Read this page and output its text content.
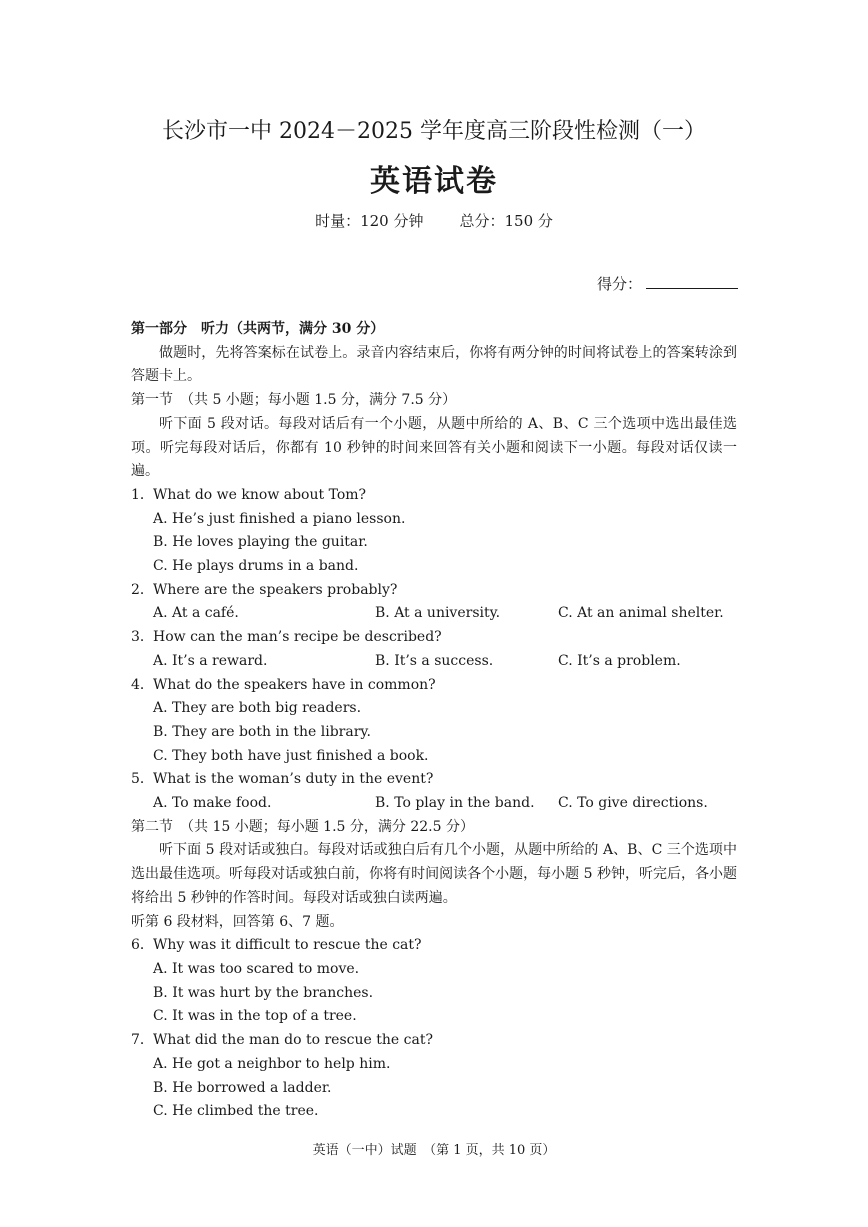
长沙市一中 2024－2025 学年度高三阶段性检测（一）
英语试卷
时量：120 分钟 总分：150 分
得分：

第一部分　听力（共两节，满分 30 分）

做题时，先将答案标在试卷上。录音内容结束后，你将有两分钟的时间将试卷上的答案转涂到答题卡上。

第一节　（共 5 小题；每小题 1.5 分，满分 7.5 分）

听下面 5 段对话。每段对话后有一个小题，从题中所给的 A、B、C 三个选项中选出最佳选项。听完每段对话后，你都有 10 秒钟的时间来回答有关小题和阅读下一小题。每段对话仅读一遍。

1．What do we know about Tom?

A. He’s just finished a piano lesson.

B. He loves playing the guitar.

C. He plays drums in a band.

2．Where are the speakers probably?

A. At a café.	B. At a university.	C. At an animal shelter.

3．How can the man’s recipe be described?

A. It’s a reward.	B. It’s a success.	C. It’s a problem.

4．What do the speakers have in common?

A. They are both big readers.

B. They are both in the library.

C. They both have just finished a book.

5．What is the woman’s duty in the event?

A. To make food.	B. To play in the band.	C. To give directions.

第二节　（共 15 小题；每小题 1.5 分，满分 22.5 分）

听下面 5 段对话或独白。每段对话或独白后有几个小题，从题中所给的 A、B、C 三个选项中选出最佳选项。听每段对话或独白前，你将有时间阅读各个小题，每小题 5 秒钟，听完后，各小题将给出 5 秒钟的作答时间。每段对话或独白读两遍。

听第 6 段材料，回答第 6、7 题。

6．Why was it difficult to rescue the cat?

A. It was too scared to move.

B. It was hurt by the branches.

C. It was in the top of a tree.

7．What did the man do to rescue the cat?

A. He got a neighbor to help him.

B. He borrowed a ladder.

C. He climbed the tree.

英语（一中）试题　（第 1 页，共 10 页）
